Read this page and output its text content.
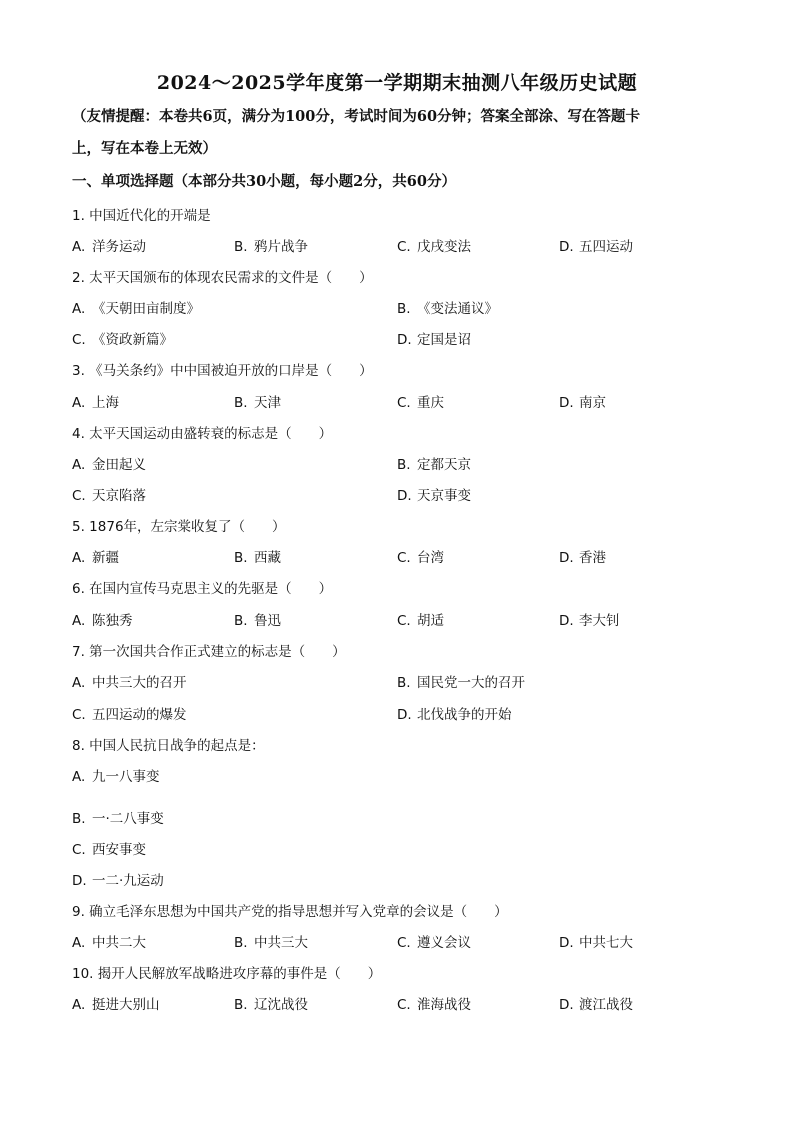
2024～2025学年度第一学期期末抽测八年级历史试题
（友情提醒：本卷共6页，满分为100分，考试时间为60分钟；答案全部涂、写在答题卡
上，写在本卷上无效）
一、单项选择题（本部分共30小题，每小题2分，共60分）
1. 中国近代化的开端是
A. 洋务运动	B. 鸦片战争	C. 戊戌变法	D. 五四运动
2. 太平天国颁布的体现农民需求的文件是（　　）
A. 《天朝田亩制度》	B. 《变法通议》
C. 《资政新篇》	D. 定国是诏
3. 《马关条约》中中国被迫开放的口岸是（　　）
A. 上海	B. 天津	C. 重庆	D. 南京
4. 太平天国运动由盛转衰的标志是（　　）
A. 金田起义	B. 定都天京
C. 天京陷落	D. 天京事变
5. 1876年，左宗棠收复了（　　）
A. 新疆	B. 西藏	C. 台湾	D. 香港
6. 在国内宣传马克思主义的先驱是（　　）
A. 陈独秀	B. 鲁迅	C. 胡适	D. 李大钊
7. 第一次国共合作正式建立的标志是（　　）
A. 中共三大的召开	B. 国民党一大的召开
C. 五四运动的爆发	D. 北伐战争的开始
8. 中国人民抗日战争的起点是：
A. 九一八事变
B. 一·二八事变
C. 西安事变
D. 一二·九运动
9. 确立毛泽东思想为中国共产党的指导思想并写入党章的会议是（　　）
A. 中共二大	B. 中共三大	C. 遵义会议	D. 中共七大
10. 揭开人民解放军战略进攻序幕的事件是（　　）
A. 挺进大别山	B. 辽沈战役	C. 淮海战役	D. 渡江战役
